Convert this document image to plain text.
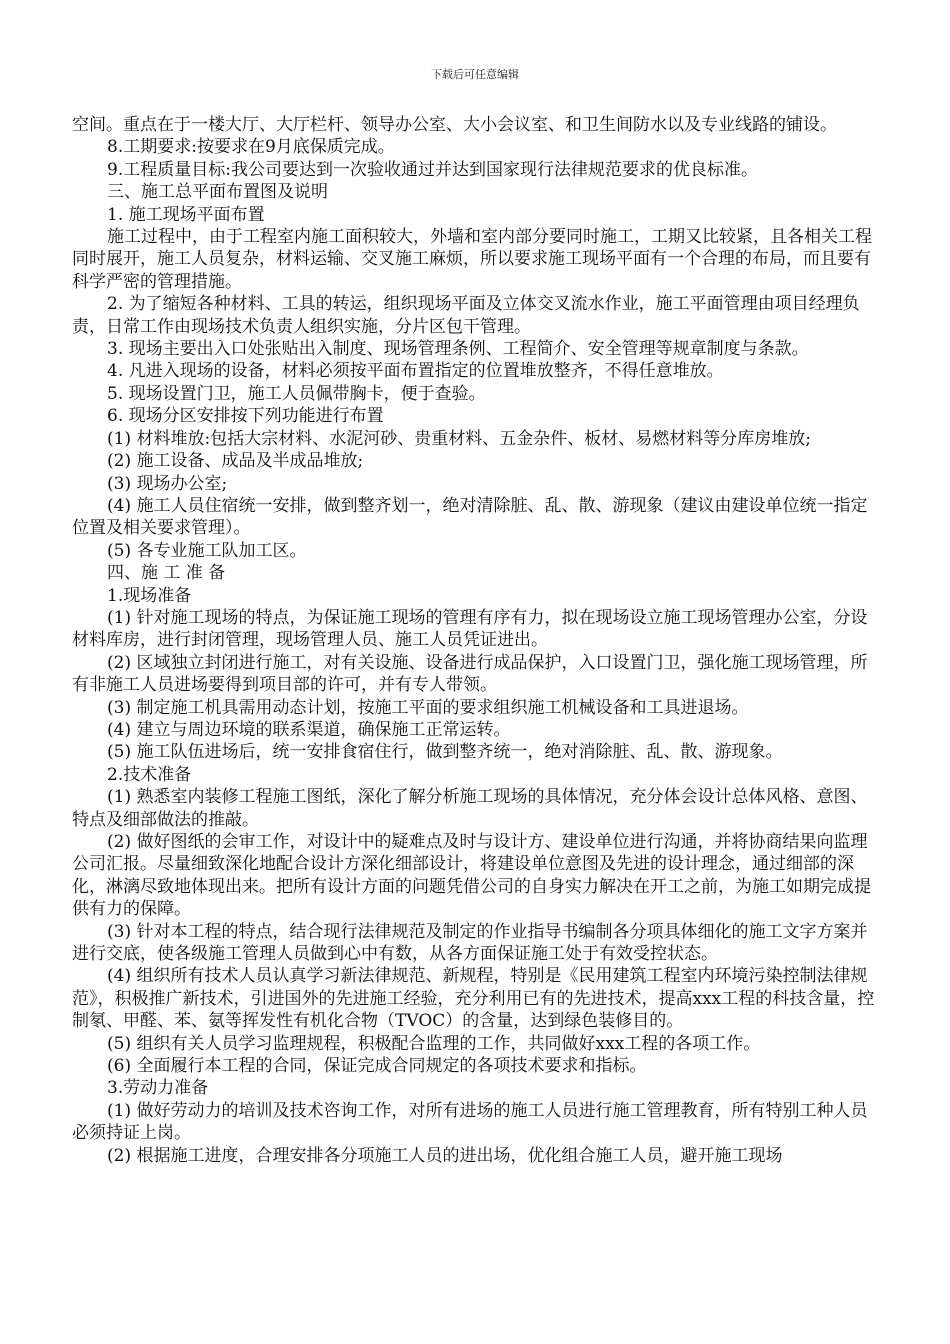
下载后可任意编辑

空间。重点在于一楼大厅、大厅栏杆、领导办公室、大小会议室、和卫生间防水以及专业线路的铺设。

8.工期要求:按要求在9月底保质完成。

9.工程质量目标:我公司要达到一次验收通过并达到国家现行法律规范要求的优良标准。

三、施工总平面布置图及说明

1. 施工现场平面布置

施工过程中，由于工程室内施工面积较大，外墙和室内部分要同时施工，工期又比较紧，且各相关工程同时展开，施工人员复杂，材料运输、交叉施工麻烦，所以要求施工现场平面有一个合理的布局，而且要有科学严密的管理措施。

2. 为了缩短各种材料、工具的转运，组织现场平面及立体交叉流水作业，施工平面管理由项目经理负责，日常工作由现场技术负责人组织实施，分片区包干管理。

3. 现场主要出入口处张贴出入制度、现场管理条例、工程简介、安全管理等规章制度与条款。

4. 凡进入现场的设备，材料必须按平面布置指定的位置堆放整齐，不得任意堆放。

5. 现场设置门卫，施工人员佩带胸卡，便于查验。

6. 现场分区安排按下列功能进行布置

(1) 材料堆放:包括大宗材料、水泥河砂、贵重材料、五金杂件、板材、易燃材料等分库房堆放;

(2) 施工设备、成品及半成品堆放;

(3) 现场办公室;

(4) 施工人员住宿统一安排，做到整齐划一，绝对清除脏、乱、散、游现象（建议由建设单位统一指定位置及相关要求管理）。

(5) 各专业施工队加工区。

四、施 工 准 备

1.现场准备

(1) 针对施工现场的特点，为保证施工现场的管理有序有力，拟在现场设立施工现场管理办公室，分设材料库房，进行封闭管理，现场管理人员、施工人员凭证进出。

(2) 区域独立封闭进行施工，对有关设施、设备进行成品保护，入口设置门卫，强化施工现场管理，所有非施工人员进场要得到项目部的许可，并有专人带领。

(3) 制定施工机具需用动态计划，按施工平面的要求组织施工机械设备和工具进退场。

(4) 建立与周边环境的联系渠道，确保施工正常运转。

(5) 施工队伍进场后，统一安排食宿住行，做到整齐统一，绝对消除脏、乱、散、游现象。

2.技术准备

(1) 熟悉室内装修工程施工图纸，深化了解分析施工现场的具体情况，充分体会设计总体风格、意图、特点及细部做法的推敲。

(2) 做好图纸的会审工作，对设计中的疑难点及时与设计方、建设单位进行沟通，并将协商结果向监理公司汇报。尽量细致深化地配合设计方深化细部设计，将建设单位意图及先进的设计理念，通过细部的深化，淋漓尽致地体现出来。把所有设计方面的问题凭借公司的自身实力解决在开工之前，为施工如期完成提供有力的保障。

(3) 针对本工程的特点，结合现行法律规范及制定的作业指导书编制各分项具体细化的施工文字方案并进行交底，使各级施工管理人员做到心中有数，从各方面保证施工处于有效受控状态。

(4) 组织所有技术人员认真学习新法律规范、新规程，特别是《民用建筑工程室内环境污染控制法律规范》，积极推广新技术，引进国外的先进施工经验，充分利用已有的先进技术，提高xxx工程的科技含量，控制氡、甲醛、苯、氨等挥发性有机化合物（TVOC）的含量，达到绿色装修目的。

(5) 组织有关人员学习监理规程，积极配合监理的工作，共同做好xxx工程的各项工作。

(6) 全面履行本工程的合同，保证完成合同规定的各项技术要求和指标。

3.劳动力准备

(1) 做好劳动力的培训及技术咨询工作，对所有进场的施工人员进行施工管理教育，所有特别工种人员必须持证上岗。

(2) 根据施工进度，合理安排各分项施工人员的进出场，优化组合施工人员，避开施工现场
